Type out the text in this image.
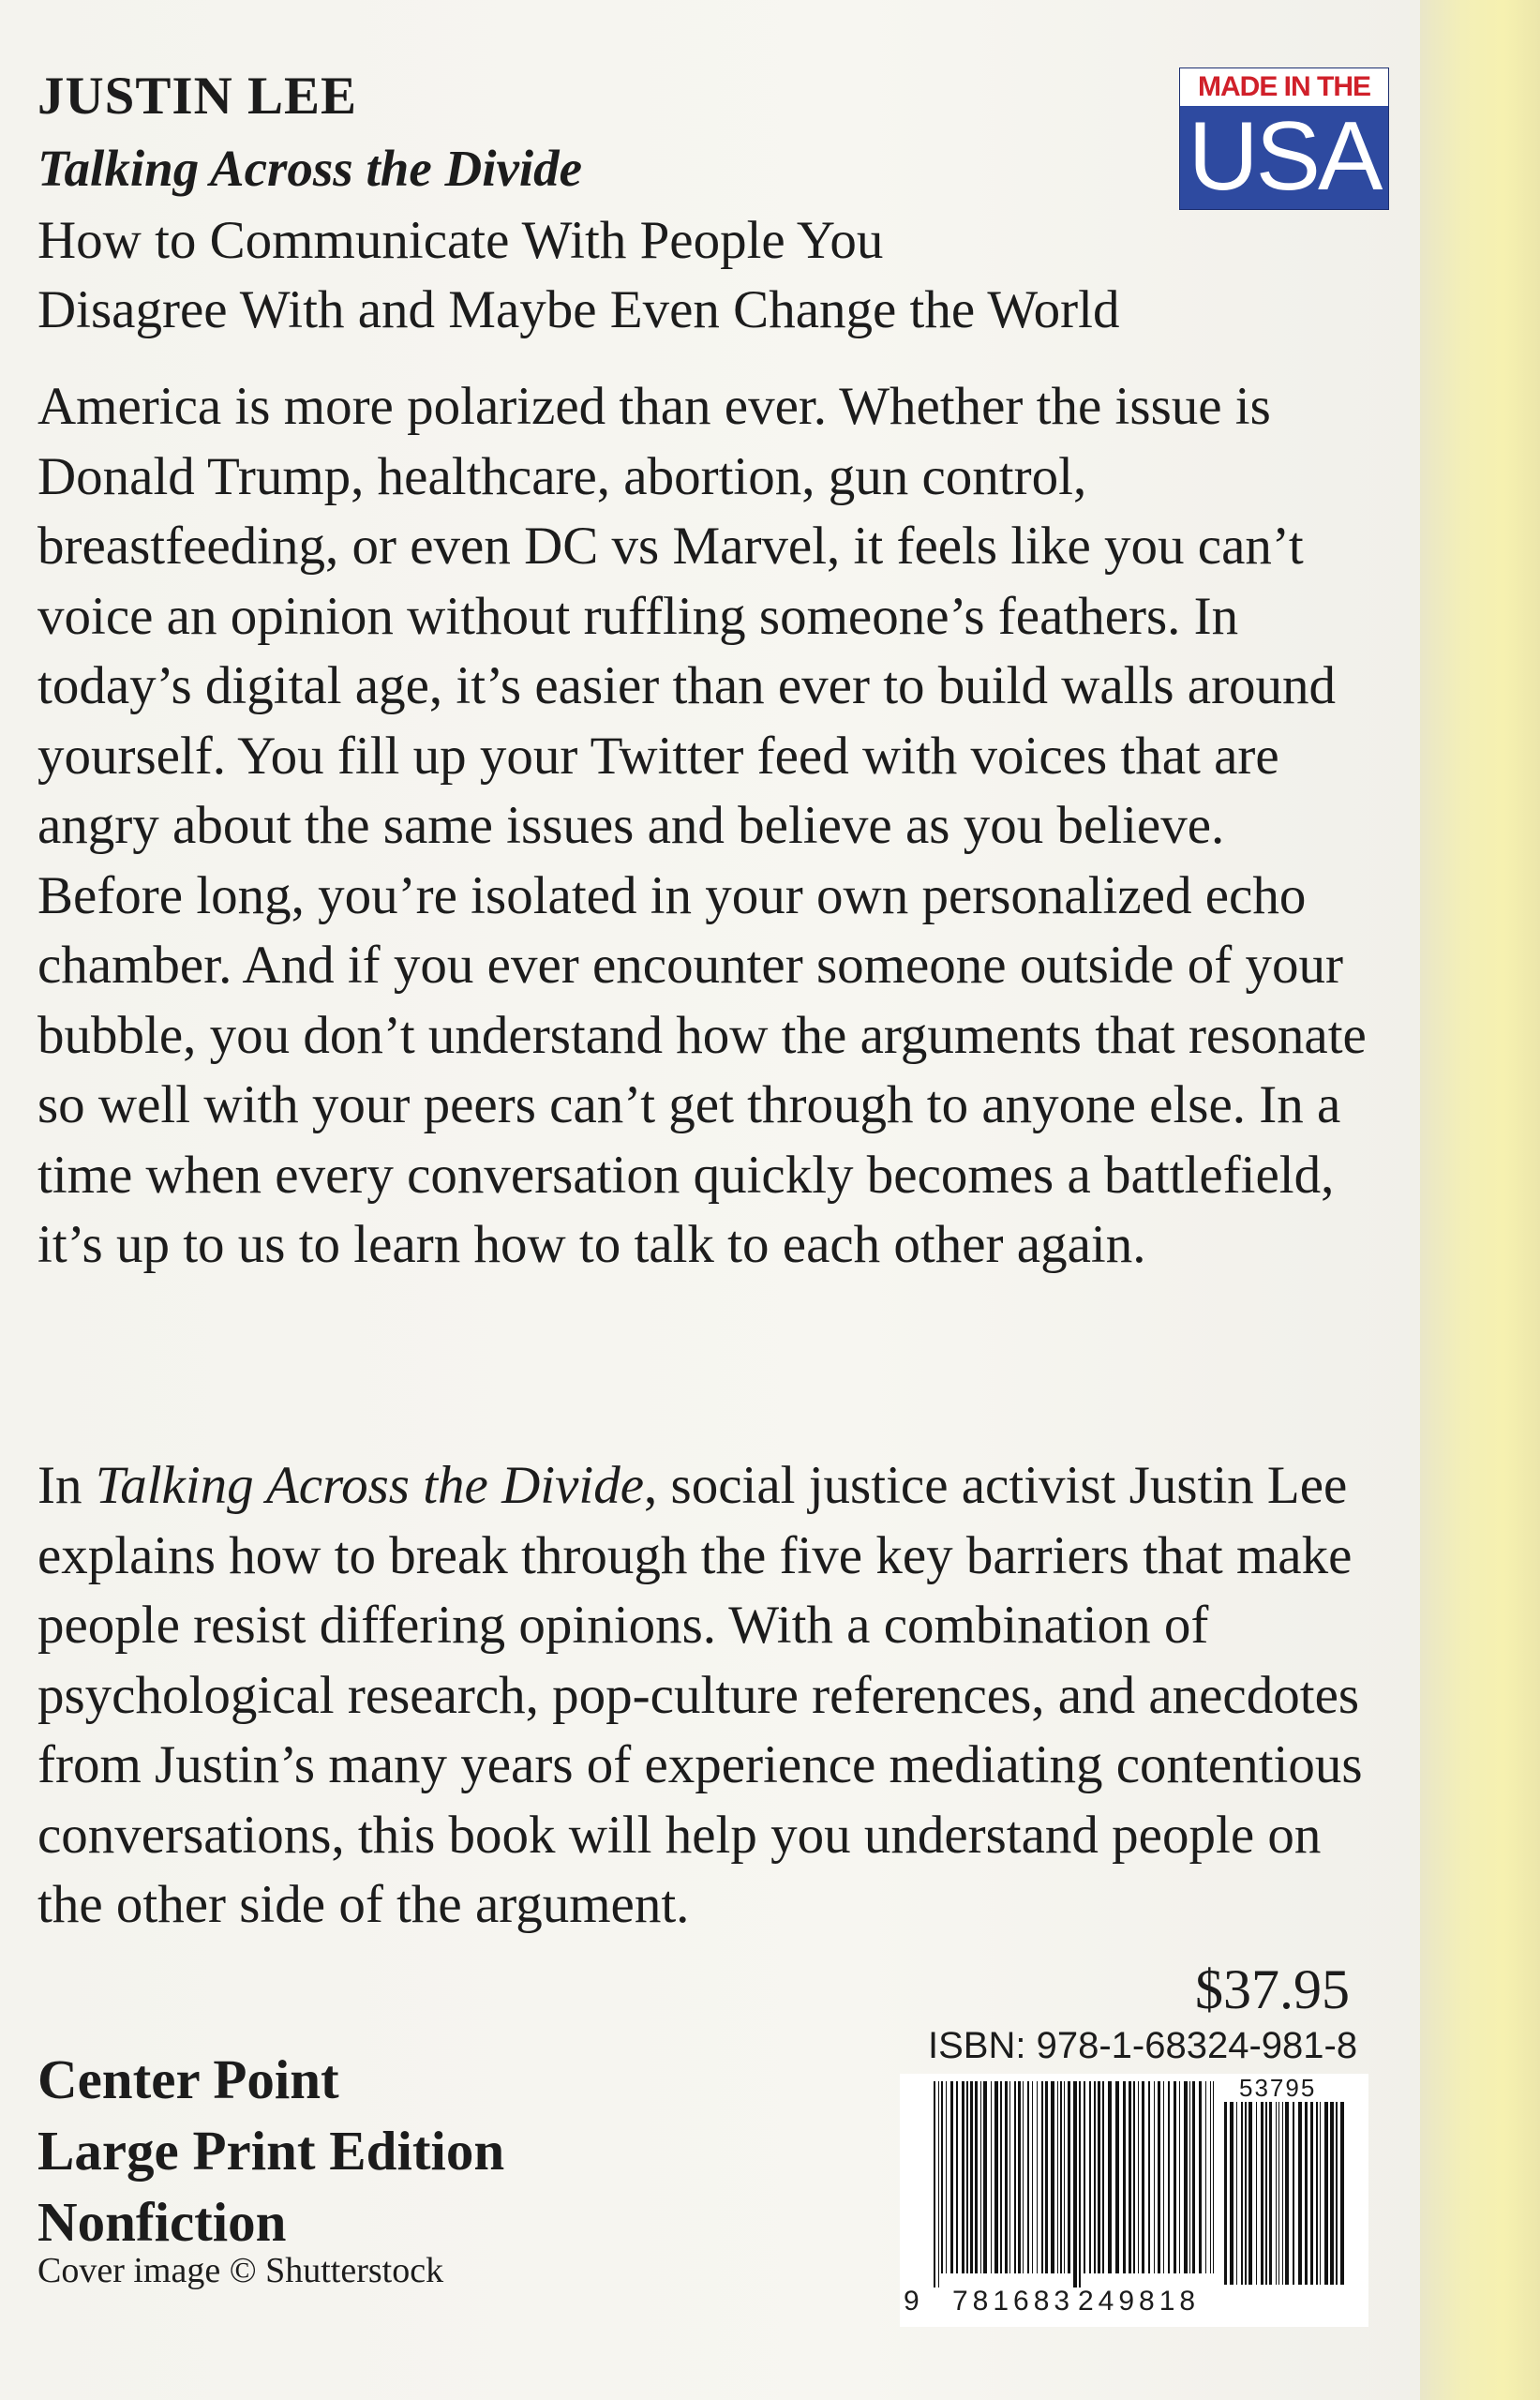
JUSTIN LEE
Talking Across the Divide
How to Communicate With People You
Disagree With and Maybe Even Change the World
MADE IN THE
USA
America is more polarized than ever. Whether the issue is Donald Trump, healthcare, abortion, gun control, breastfeeding, or even DC vs Marvel, it feels like you can’t voice an opinion without ruffling someone’s feathers. In today’s digital age, it’s easier than ever to build walls around yourself. You fill up your Twitter feed with voices that are angry about the same issues and believe as you believe. Before long, you’re isolated in your own personalized echo chamber. And if you ever encounter someone outside of your bubble, you don’t understand how the arguments that resonate so well with your peers can’t get through to anyone else. In a time when every conversation quickly becomes a battlefield, it’s up to us to learn how to talk to each other again.
In Talking Across the Divide, social justice activist Justin Lee explains how to break through the five key barriers that make people resist differing opinions. With a combination of psychological research, pop-culture references, and anecdotes from Justin’s many years of experience mediating contentious conversations, this book will help you understand people on the other side of the argument.
$37.95
Center Point
Large Print Edition
Nonfiction
Cover image © Shutterstock
ISBN: 978-1-68324-981-8
53795
9 781683 249818
